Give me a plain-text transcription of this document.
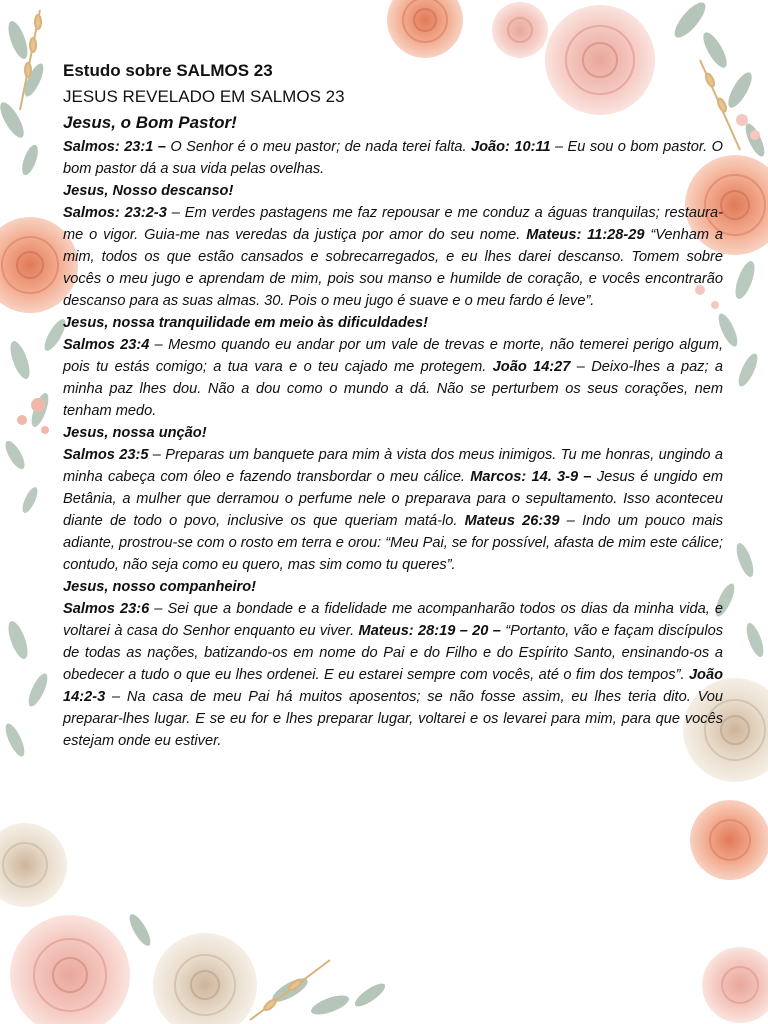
Estudo sobre SALMOS 23

JESUS REVELADO EM SALMOS 23

Jesus, o Bom Pastor!

Salmos: 23:1 – O Senhor é o meu pastor; de nada terei falta. João: 10:11 – Eu sou o bom pastor. O bom pastor dá a sua vida pelas ovelhas.

Jesus, Nosso descanso!

Salmos: 23:2-3 – Em verdes pastagens me faz repousar e me conduz a águas tranquilas; restaura-me o vigor. Guia-me nas veredas da justiça por amor do seu nome. Mateus: 11:28-29 “Venham a mim, todos os que estão cansados e sobrecarregados, e eu lhes darei descanso. Tomem sobre vocês o meu jugo e aprendam de mim, pois sou manso e humilde de coração, e vocês encontrarão descanso para as suas almas. 30. Pois o meu jugo é suave e o meu fardo é leve”.

Jesus, nossa tranquilidade em meio às dificuldades!

Salmos 23:4 – Mesmo quando eu andar por um vale de trevas e morte, não temerei perigo algum, pois tu estás comigo; a tua vara e o teu cajado me protegem. João 14:27 – Deixo-lhes a paz; a minha paz lhes dou. Não a dou como o mundo a dá. Não se perturbem os seus corações, nem tenham medo.

Jesus, nossa unção!

Salmos 23:5 – Preparas um banquete para mim à vista dos meus inimigos. Tu me honras, ungindo a minha cabeça com óleo e fazendo transbordar o meu cálice. Marcos: 14. 3-9 – Jesus é ungido em Betânia, a mulher que derramou o perfume nele o preparava para o sepultamento. Isso aconteceu diante de todo o povo, inclusive os que queriam matá-lo. Mateus 26:39 – Indo um pouco mais adiante, prostrou-se com o rosto em terra e orou: “Meu Pai, se for possível, afasta de mim este cálice; contudo, não seja como eu quero, mas sim como tu queres”.

Jesus, nosso companheiro!

Salmos 23:6 – Sei que a bondade e a fidelidade me acompanharão todos os dias da minha vida, e voltarei à casa do Senhor enquanto eu viver. Mateus: 28:19 – 20 – “Portanto, vão e façam discípulos de todas as nações, batizando-os em nome do Pai e do Filho e do Espírito Santo, ensinando-os a obedecer a tudo o que eu lhes ordenei. E eu estarei sempre com vocês, até o fim dos tempos”. João 14:2-3 – Na casa de meu Pai há muitos aposentos; se não fosse assim, eu lhes teria dito. Vou preparar-lhes lugar. E se eu for e lhes preparar lugar, voltarei e os levarei para mim, para que vocês estejam onde eu estiver.
